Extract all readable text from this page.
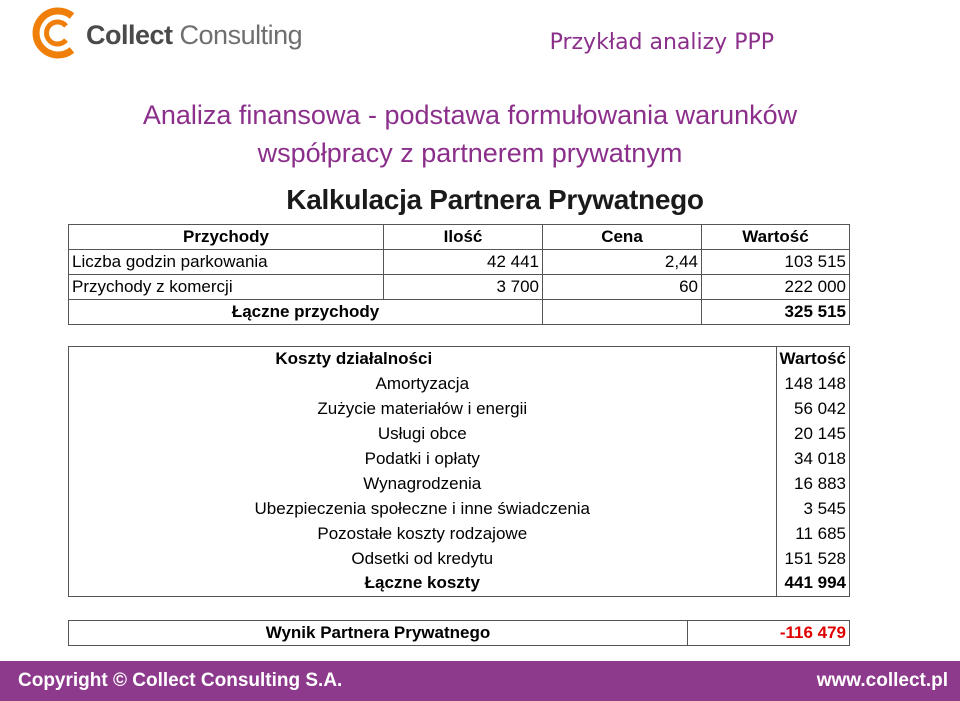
Collect Consulting	Przykład analizy PPP
Analiza finansowa - podstawa formułowania warunków
współpracy z partnerem prywatnym
Kalkulacja Partnera Prywatnego
Przychody	Ilość	Cena	Wartość
Liczba godzin parkowania	42 441	2,44	103 515
Przychody z komercji	3 700	60	222 000
Łączne przychody			325 515
Koszty działalności	Wartość
Amortyzacja	148 148
Zużycie materiałów i energii	56 042
Usługi obce	20 145
Podatki i opłaty	34 018
Wynagrodzenia	16 883
Ubezpieczenia społeczne i inne świadczenia	3 545
Pozostałe koszty rodzajowe	11 685
Odsetki od kredytu	151 528
Łączne koszty	441 994
Wynik Partnera Prywatnego	-116 479
Copyright © Collect Consulting S.A.	www.collect.pl
